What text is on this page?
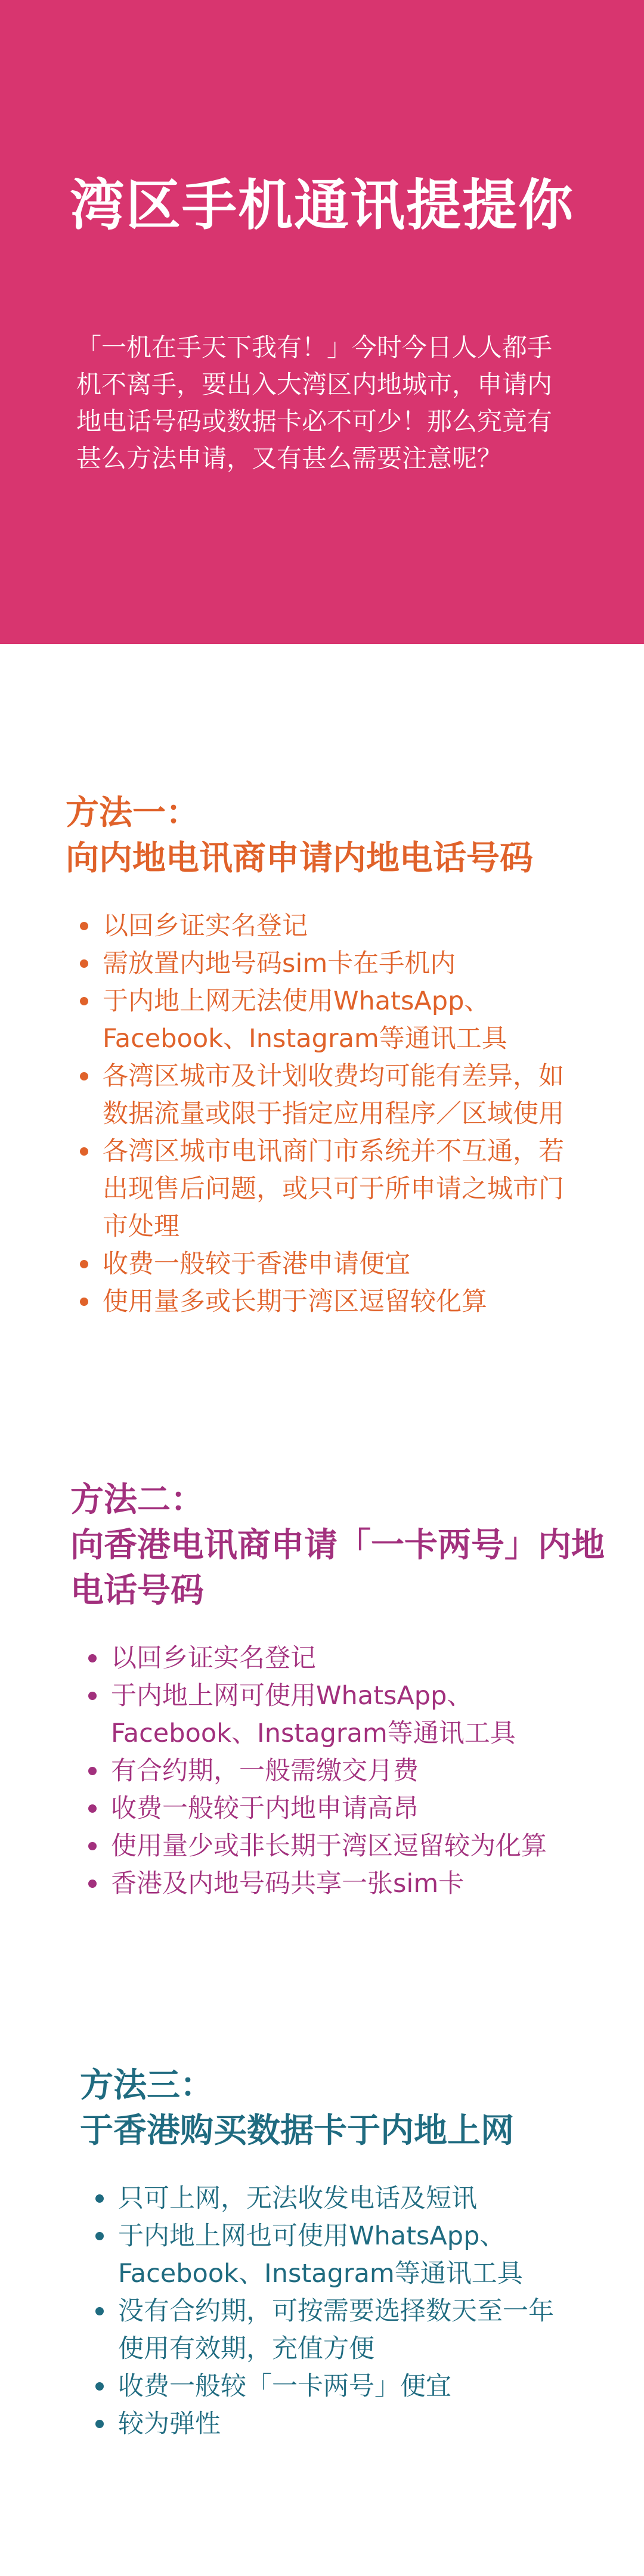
湾区手机通讯提提你

「一机在手天下我有！」今时今日人人都手机不离手，要出入大湾区内地城市，申请内地电话号码或数据卡必不可少！那么究竟有甚么方法申请，又有甚么需要注意呢？

方法一：
向内地电讯商申请内地电话号码
以回乡证实名登记
需放置内地号码sim卡在手机内
于内地上网无法使用WhatsApp、Facebook、Instagram等通讯工具
各湾区城市及计划收费均可能有差异，如数据流量或限于指定应用程序／区域使用
各湾区城市电讯商门市系统并不互通，若出现售后问题，或只可于所申请之城市门市处理
收费一般较于香港申请便宜
使用量多或长期于湾区逗留较化算
方法二：
向香港电讯商申请「一卡两号」内地电话号码
以回乡证实名登记
于内地上网可使用WhatsApp、Facebook、Instagram等通讯工具
有合约期，一般需缴交月费
收费一般较于内地申请高昂
使用量少或非长期于湾区逗留较为化算
香港及内地号码共享一张sim卡
方法三：
于香港购买数据卡于内地上网
只可上网，无法收发电话及短讯
于内地上网也可使用WhatsApp、Facebook、Instagram等通讯工具
没有合约期，可按需要选择数天至一年使用有效期，充值方便
收费一般较「一卡两号」便宜
较为弹性
